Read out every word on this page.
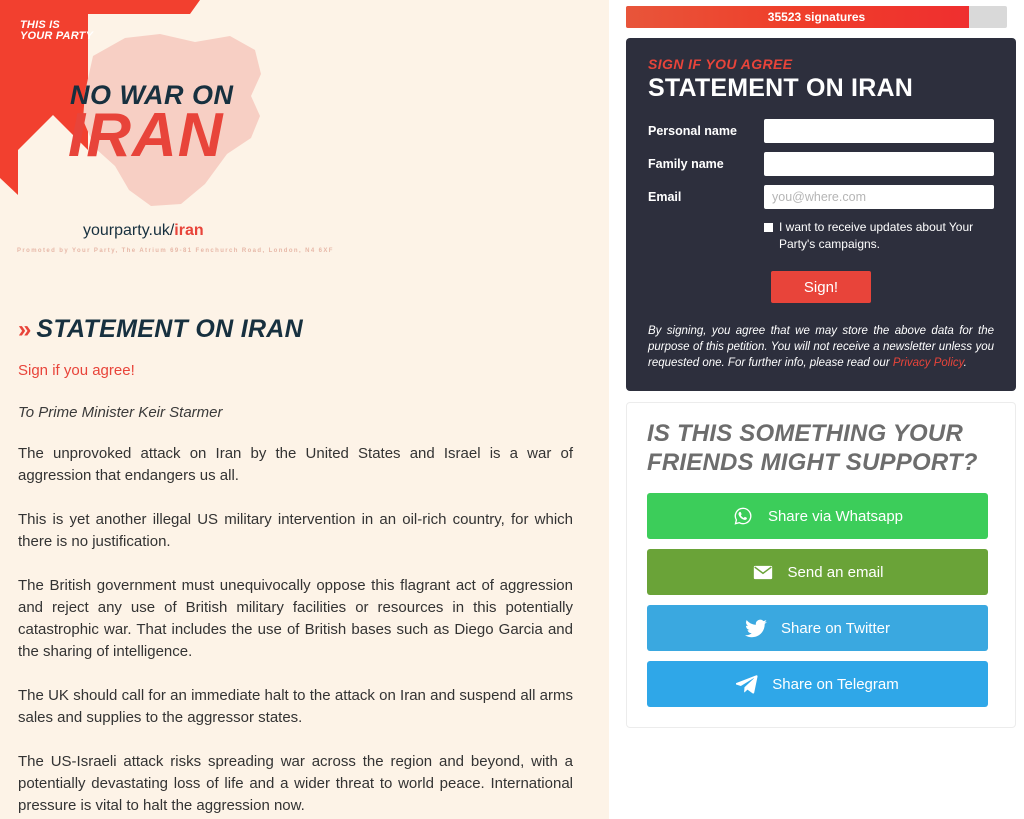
THIS IS
YOUR PARTY
NO WAR ON
IRAN
yourparty.uk/iran
Promoted by Your Party, The Atrium 69-81 Fenchurch Road, London, N4 6XF
» STATEMENT ON IRAN

Sign if you agree!

To Prime Minister Keir Starmer

The unprovoked attack on Iran by the United States and Israel is a war of aggression that endangers us all.

This is yet another illegal US military intervention in an oil-rich country, for which there is no justification.

The British government must unequivocally oppose this flagrant act of aggression and reject any use of British military facilities or resources in this potentially catastrophic war. That includes the use of British bases such as Diego Garcia and the sharing of intelligence.

The UK should call for an immediate halt to the attack on Iran and suspend all arms sales and supplies to the aggressor states.

The US-Israeli attack risks spreading war across the region and beyond, with a potentially devastating loss of life and a wider threat to world peace. International pressure is vital to halt the aggression now.

35523 signatures
SIGN IF YOU AGREE
STATEMENT ON IRAN
Personal name
Family name
Email
you@where.com
I want to receive updates about Your Party's campaigns.
Sign!
By signing, you agree that we may store the above data for the purpose of this petition. You will not receive a newsletter unless you requested one. For further info, please read our Privacy Policy.
IS THIS SOMETHING YOUR FRIENDS MIGHT SUPPORT?
Share via Whatsapp
Send an email
Share on Twitter
Share on Telegram
